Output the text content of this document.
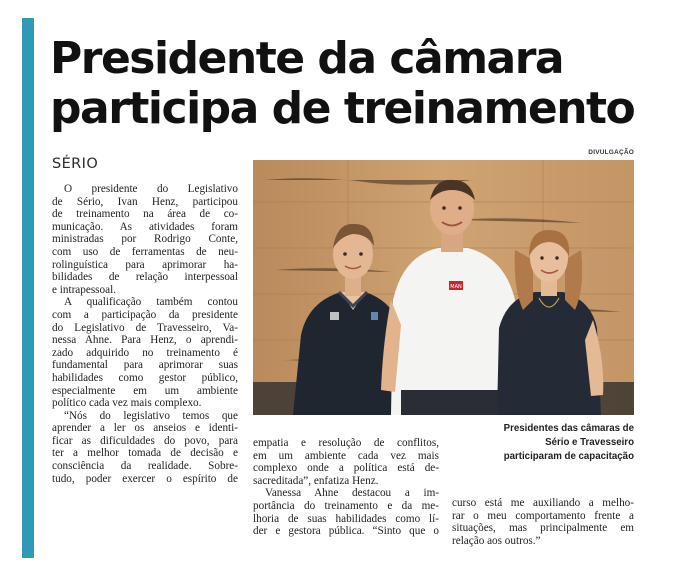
Presidente da câmara
participa de treinamento
SÉRIO
DIVULGAÇÃO
MAN
Presidentes das câmaras de
Sério e Travesseiro
participaram de capacitação
O presidente do Legislativo
de Sério, Ivan Henz, participou
de treinamento na área de co-
municação. As atividades foram
ministradas por Rodrigo Conte,
com uso de ferramentas de neu-
rolinguística para aprimorar ha-
bilidades de relação interpessoal
e intrapessoal.
A qualificação também contou
com a participação da presidente
do Legislativo de Travesseiro, Va-
nessa Ahne. Para Henz, o aprendi-
zado adquirido no treinamento é
fundamental para aprimorar suas
habilidades como gestor público,
especialmente em um ambiente
político cada vez mais complexo.
“Nós do legislativo temos que
aprender a ler os anseios e identi-
ficar as dificuldades do povo, para
ter a melhor tomada de decisão e
consciência da realidade. Sobre-
tudo, poder exercer o espírito de
empatia e resolução de conflitos,
em um ambiente cada vez mais
complexo onde a política está de-
sacreditada”, enfatiza Henz.
Vanessa Ahne destacou a im-
portância do treinamento e da me-
lhoria de suas habilidades como lí-
der e gestora pública. “Sinto que o
curso está me auxiliando a melho-
rar o meu comportamento frente a
situações, mas principalmente em
relação aos outros.”
